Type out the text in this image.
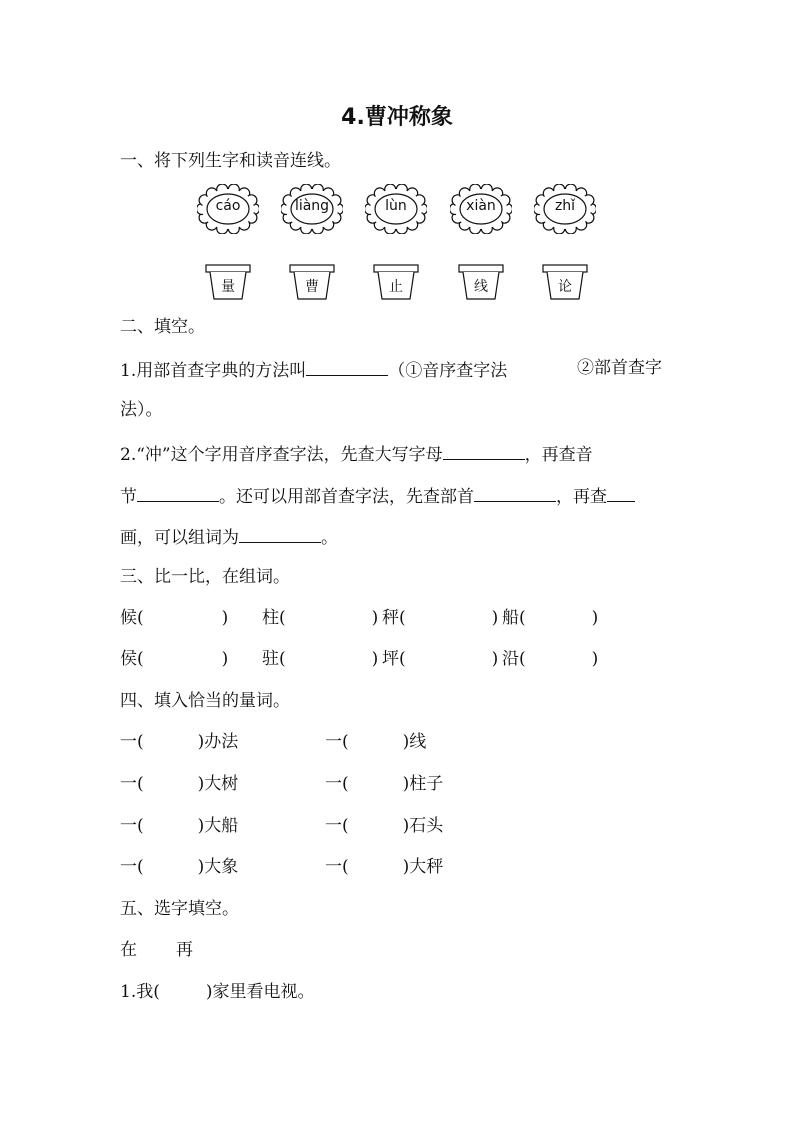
4.曹冲称象
一、将下列生字和读音连线。
cáo	liàng	lùn	xiàn	zhǐ
量	曹	止	线	论
二、填空。
1.用部首查字典的方法叫	（①音序查字法	②部首查字
法）。
2.“冲”这个字用音序查字法，先查大写字母	，再查音
节	。还可以用部首查字法，先查部首	，再查
画，可以组词为	。
三、比一比，在组词。
候(	) 柱(	) 秤(	) 船(	)
侯(	) 驻(	) 坪(	) 沿(	)
四、填入恰当的量词。
一(	)办法	一(	)线
一(	)大树	一(	)柱子
一(	)大船	一(	)石头
一(	)大象	一(	)大秤
五、选字填空。
在 再
1.我(	)家里看电视。
